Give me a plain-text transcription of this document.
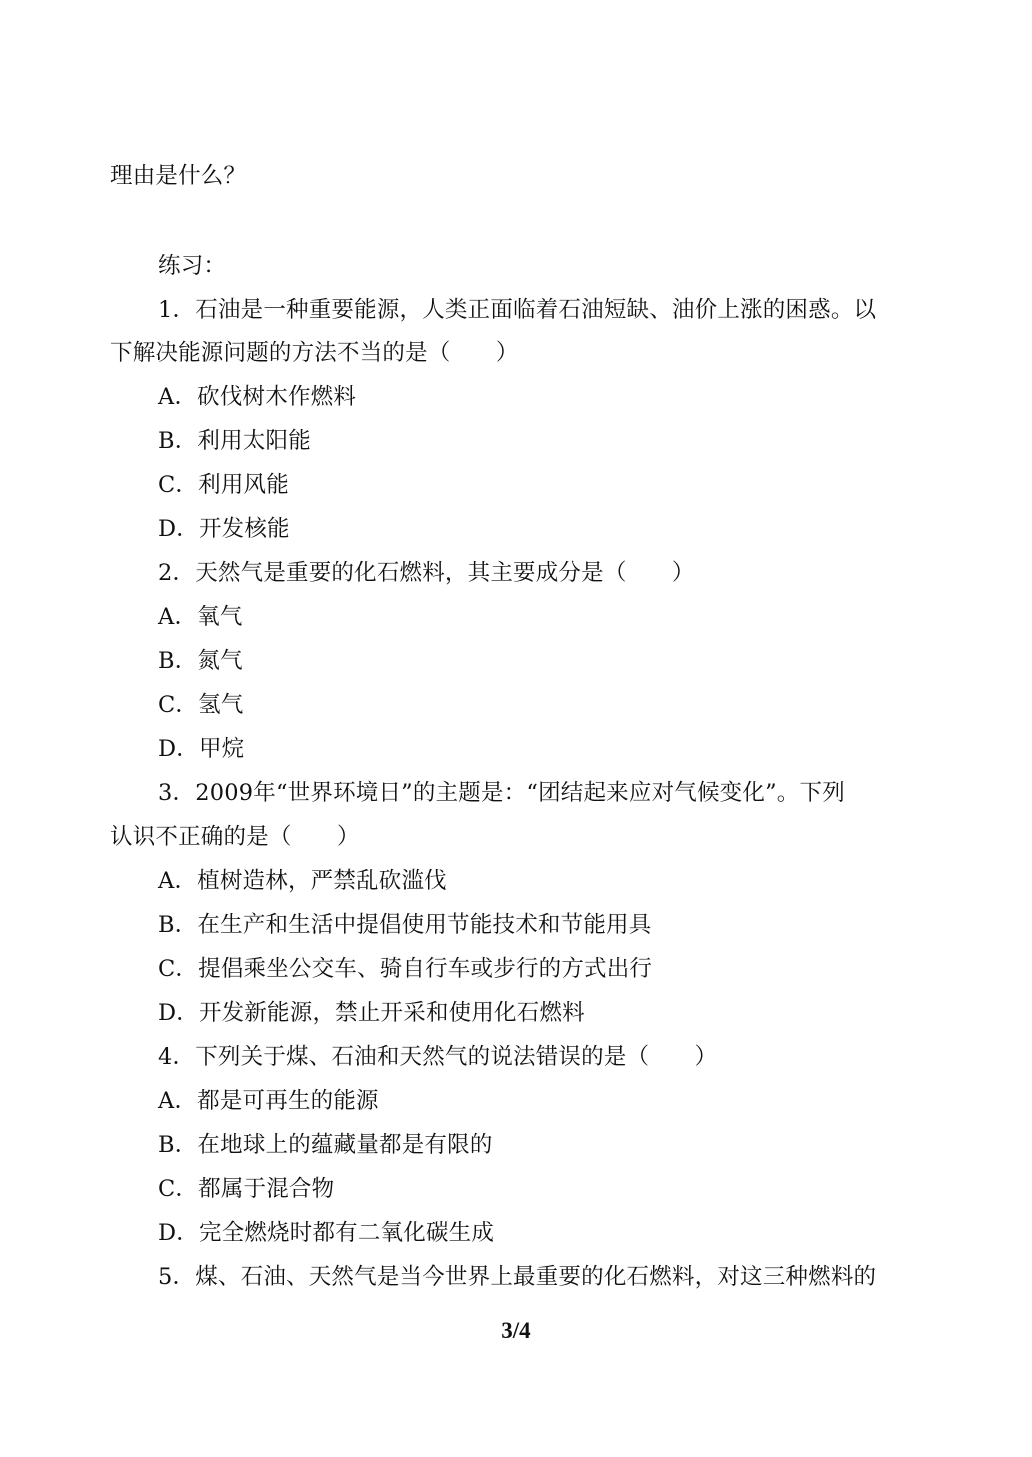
理由是什么？
练习：
1．石油是一种重要能源，人类正面临着石油短缺、油价上涨的困惑。以
下解决能源问题的方法不当的是（　　）
A．砍伐树木作燃料
B．利用太阳能
C．利用风能
D．开发核能
2．天然气是重要的化石燃料，其主要成分是（　　）
A．氧气
B．氮气
C．氢气
D．甲烷
3．2009年“世界环境日”的主题是：“团结起来应对气候变化”。下列
认识不正确的是（　　）
A．植树造林，严禁乱砍滥伐
B．在生产和生活中提倡使用节能技术和节能用具
C．提倡乘坐公交车、骑自行车或步行的方式出行
D．开发新能源，禁止开采和使用化石燃料
4．下列关于煤、石油和天然气的说法错误的是（　　）
A．都是可再生的能源
B．在地球上的蕴藏量都是有限的
C．都属于混合物
D．完全燃烧时都有二氧化碳生成
5．煤、石油、天然气是当今世界上最重要的化石燃料，对这三种燃料的
3/4
